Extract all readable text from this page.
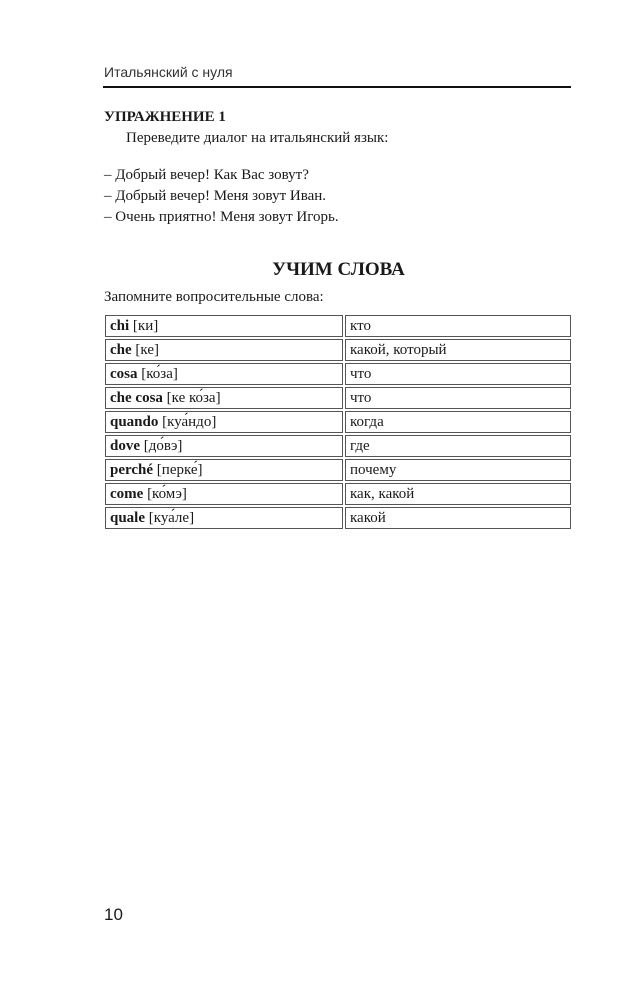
Итальянский с нуля
УПРАЖНЕНИЕ 1
Переведите диалог на итальянский язык:
– Добрый вечер! Как Вас зовут?
– Добрый вечер! Меня зовут Иван.
– Очень приятно! Меня зовут Игорь.
УЧИМ СЛОВА
Запомните вопросительные слова:
chi [ки]	кто
che [ке]	какой, который
cosa [ко́за]	что
che cosa [ке ко́за]	что
quando [куа́ндо]	когда
dove [до́вэ]	где
perché [перке́]	почему
come [ко́мэ]	как, какой
quale [куа́ле]	какой
10
